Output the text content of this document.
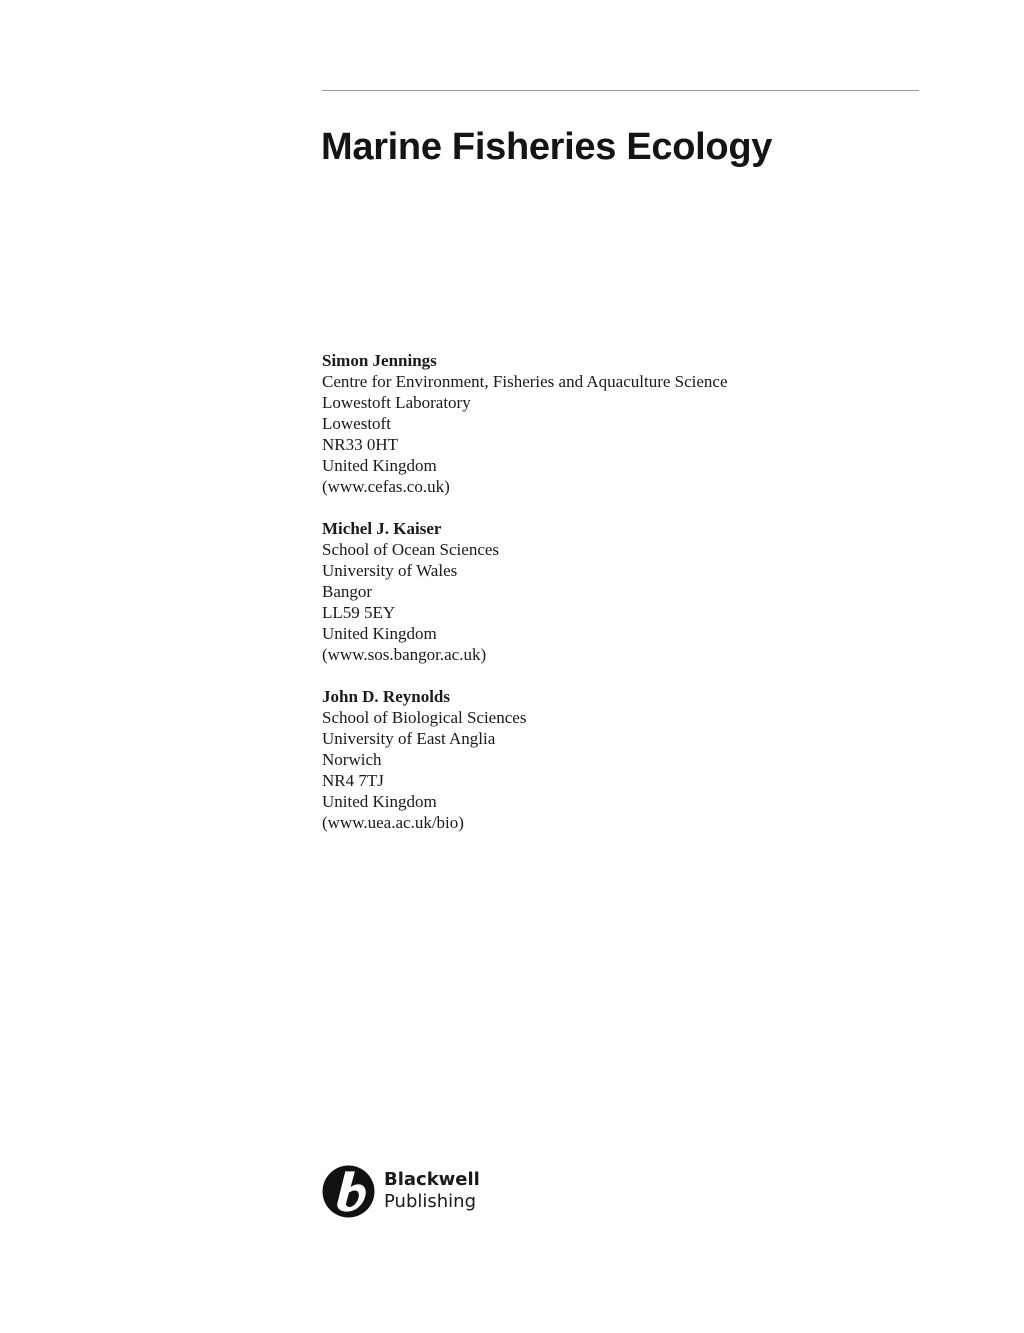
Marine Fisheries Ecology
Simon Jennings
Centre for Environment, Fisheries and Aquaculture Science
Lowestoft Laboratory
Lowestoft
NR33 0HT
United Kingdom
(www.cefas.co.uk)
Michel J. Kaiser
School of Ocean Sciences
University of Wales
Bangor
LL59 5EY
United Kingdom
(www.sos.bangor.ac.uk)
John D. Reynolds
School of Biological Sciences
University of East Anglia
Norwich
NR4 7TJ
United Kingdom
(www.uea.ac.uk/bio)
Blackwell
Publishing
